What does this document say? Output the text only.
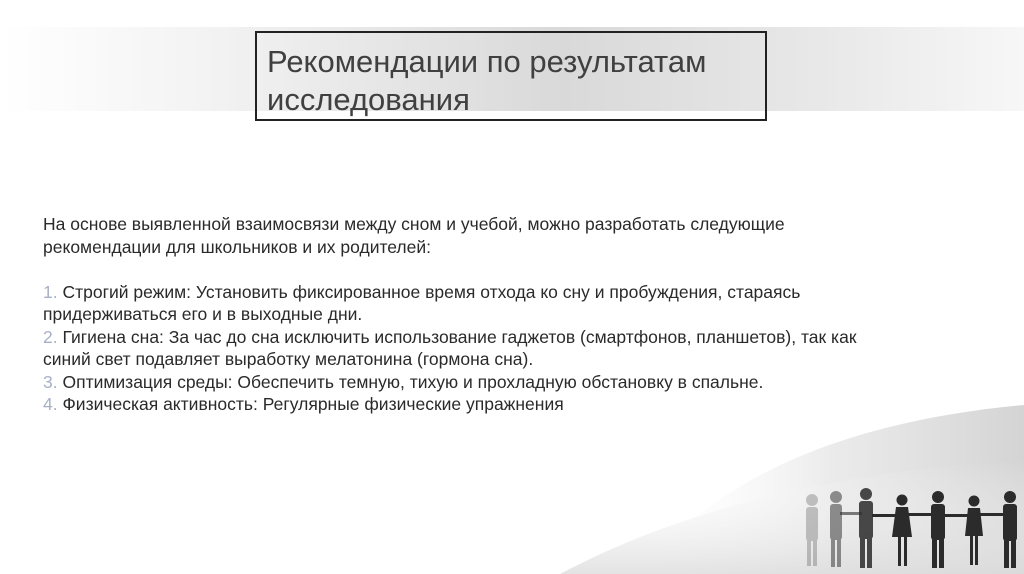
Рекомендации по результатам исследования

На основе выявленной взаимосвязи между сном и учебой, можно разработать следующие рекомендации для школьников и их родителей:

1. Строгий режим: Установить фиксированное время отхода ко сну и пробуждения, стараясь придерживаться его и в выходные дни.
2. Гигиена сна: За час до сна исключить использование гаджетов (смартфонов, планшетов), так как синий свет подавляет выработку мелатонина (гормона сна).
3. Оптимизация среды: Обеспечить темную, тихую и прохладную обстановку в спальне.
4. Физическая активность: Регулярные физические упражнения
